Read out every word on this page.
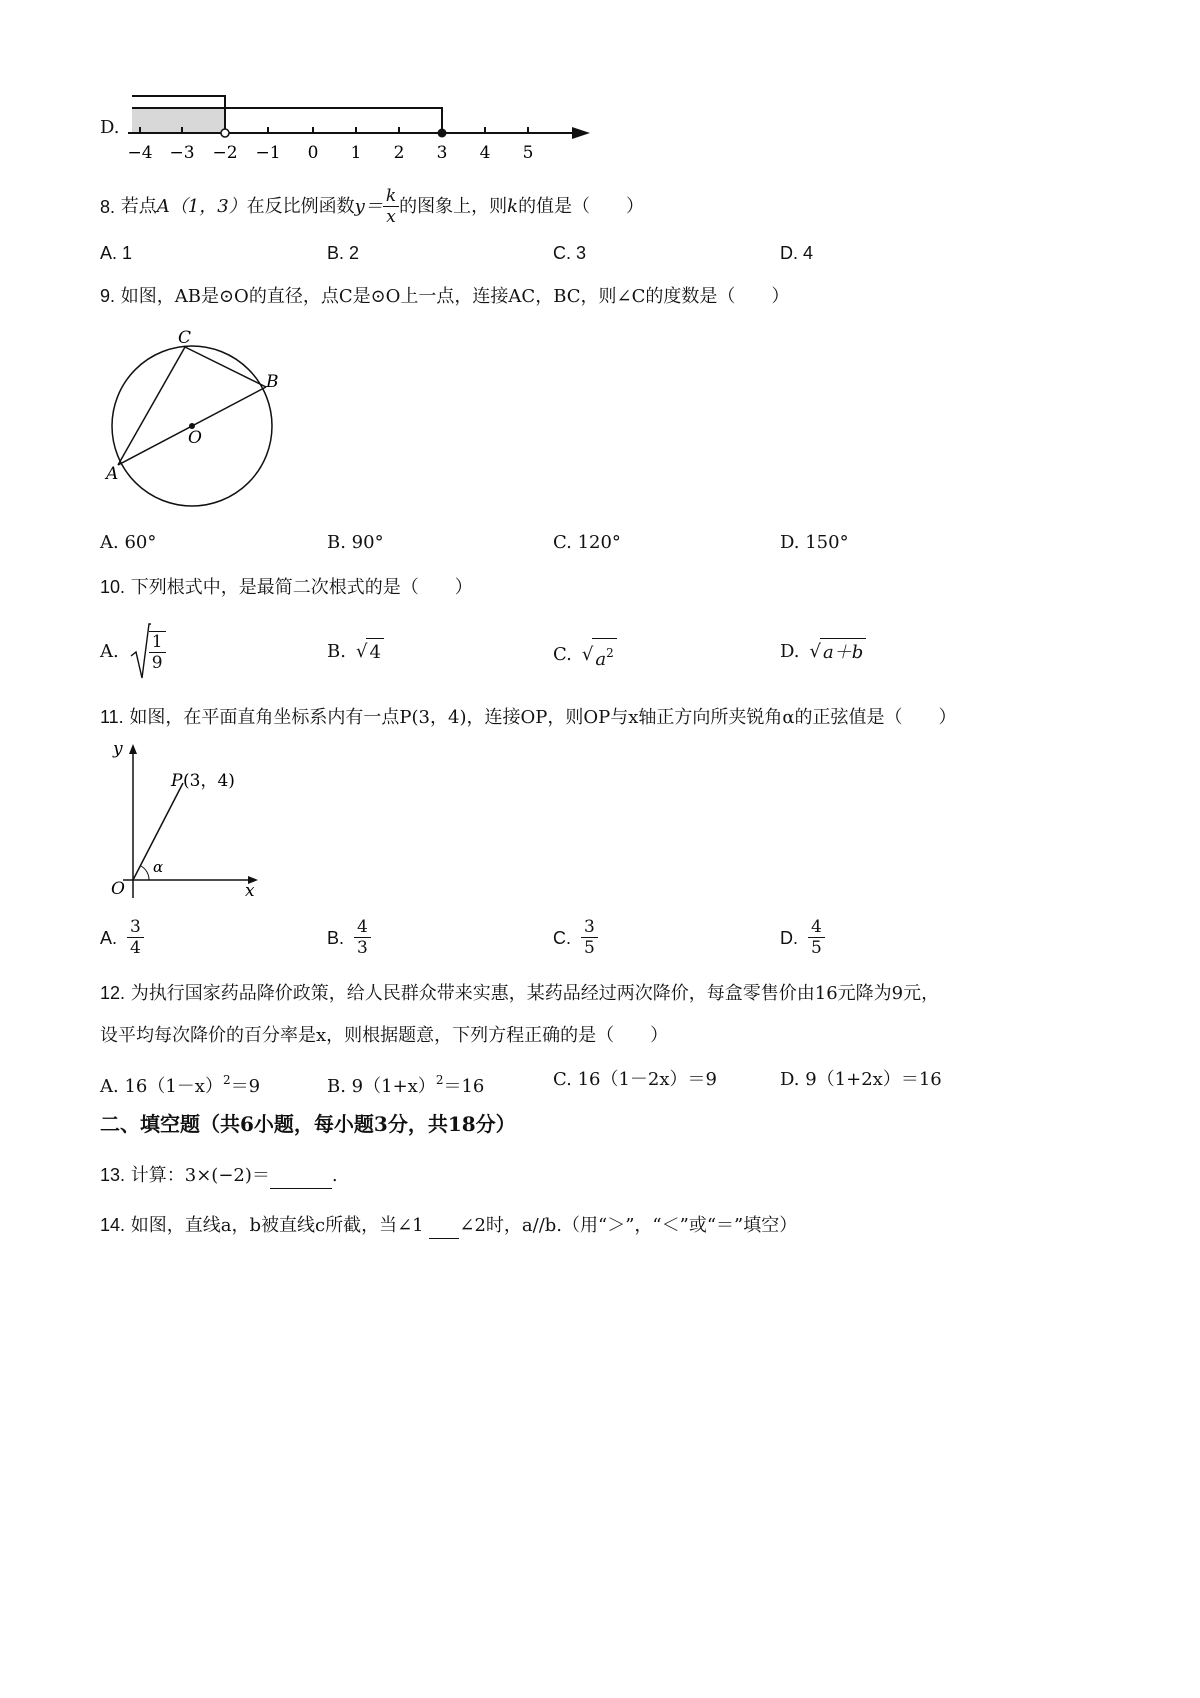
D.
−4 −3 −2 −1 0 1 2 3 4 5
8.
若点 A（1，3） 在反比例函数 $y= \frac{k}{x}$ 的图象上，则 k 的值是（　　）
A. 1	B. 2	C. 3	D. 4
9. 如图，AB是⊙O的直径，点C是⊙O上一点，连接AC，BC，则∠C的度数是（　　）
C
B
O
A
A. 60°	B. 90°	C. 120°	D. 150°
10. 下列根式中，是最简二次根式的是（　　）
A. $\frac{1}{9}$	B. √ 4	C. √ $a^2$	D. √ a＋b
11. 如图，在平面直角坐标系内有一点P(3，4)，连接OP，则OP与x轴正方向所夹锐角α的正弦值是（　　）
y
x
O
P (3，4)
α
A. $\frac{3}{4}$	B. $\frac{4}{3}$	C. $\frac{3}{5}$	D. $\frac{4}{5}$
12. 为执行国家药品降价政策，给人民群众带来实惠，某药品经过两次降价，每盒零售价由16元降为9元，
设平均每次降价的百分率是x，则根据题意，下列方程正确的是（　　）
A. $16(1-x)^2=9$	B. $9(1+x)^2=16$	C. 16（1－2x）＝9	D. 9（1+2x）＝16
二、填空题（共6小题，每小题3分，共18分）
13. 计算：3×(−2)＝	.
14. 如图，直线a，b被直线c所截，当∠1 ∠2时，a//b.（用“＞”，“＜”或“＝”填空）
